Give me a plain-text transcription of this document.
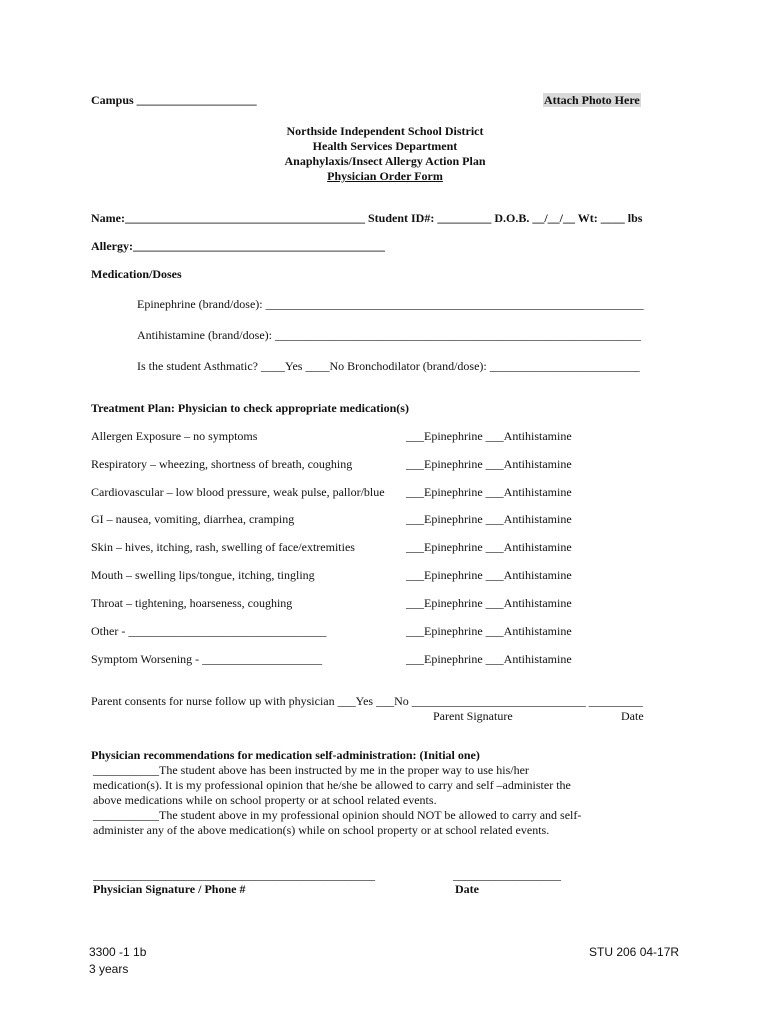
Campus ____________________	Attach Photo Here
Northside Independent School District
Health Services Department
Anaphylaxis/Insect Allergy Action Plan
Physician Order Form
Name:________________________________________ Student ID#: _________ D.O.B. __/__/__ Wt: ____ lbs
Allergy:__________________________________________
Medication/Doses
Epinephrine (brand/dose): _______________________________________________________________
Antihistamine (brand/dose): _____________________________________________________________
Is the student Asthmatic? ____Yes ____No Bronchodilator (brand/dose): _________________________
Treatment Plan: Physician to check appropriate medication(s)
Allergen Exposure – no symptoms	___Epinephrine ___Antihistamine
Respiratory – wheezing, shortness of breath, coughing	___Epinephrine ___Antihistamine
Cardiovascular – low blood pressure, weak pulse, pallor/blue ___Epinephrine ___Antihistamine
GI – nausea, vomiting, diarrhea, cramping	___Epinephrine ___Antihistamine
Skin – hives, itching, rash, swelling of face/extremities	___Epinephrine ___Antihistamine
Mouth – swelling lips/tongue, itching, tingling	___Epinephrine ___Antihistamine
Throat – tightening, hoarseness, coughing	___Epinephrine ___Antihistamine
Other - _________________________________	___Epinephrine ___Antihistamine
Symptom Worsening - ____________________	___Epinephrine ___Antihistamine
Parent consents for nurse follow up with physician ___Yes ___No _____________________________ _________
Parent Signature	Date
Physician recommendations for medication self-administration: (Initial one)
___________The student above has been instructed by me in the proper way to use his/her
medication(s). It is my professional opinion that he/she be allowed to carry and self –administer the
above medications while on school property or at school related events.
___________The student above in my professional opinion should NOT be allowed to carry and self-
administer any of the above medication(s) while on school property or at school related events.
_______________________________________________
Physician Signature / Phone #
__________________
Date
3300 -1 1b
3 years
STU 206 04-17R
